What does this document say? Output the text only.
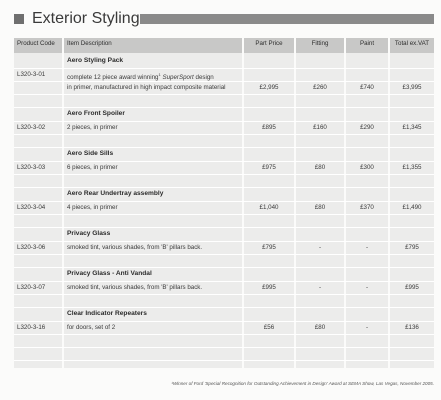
Exterior Styling
Product Code Item Description	Part Price	Fitting	Paint	Total ex.VAT
Aero Styling Pack
L320-3-01	complete 12 piece award winning$^1$ SuperSport design
in primer, manufactured in high impact composite material	£2,995	£260	£740	£3,995
Aero Front Spoiler
L320-3-02	2 pieces, in primer	£895	£160	£290	£1,345
Aero Side Sills
L320-3-03	6 pieces, in primer	£975	£80	£300	£1,355
Aero Rear Undertray assembly
L320-3-04	4 pieces, in primer	£1,040	£80	£370	£1,490
Privacy Glass
L320-3-06	smoked tint, various shades, from 'B' pillars back.	£795	-	-	£795
Privacy Glass - Anti Vandal
L320-3-07	smoked tint, various shades, from 'B' pillars back.	£995	-	-	£995
Clear Indicator Repeaters
L320-3-16	for doors, set of 2	£56	£80	-	£136
¹Winner of Ford 'Special Recognition for Outstanding Achievement in Design' Award at SEMA Show, Las Vegas, November 2005.
